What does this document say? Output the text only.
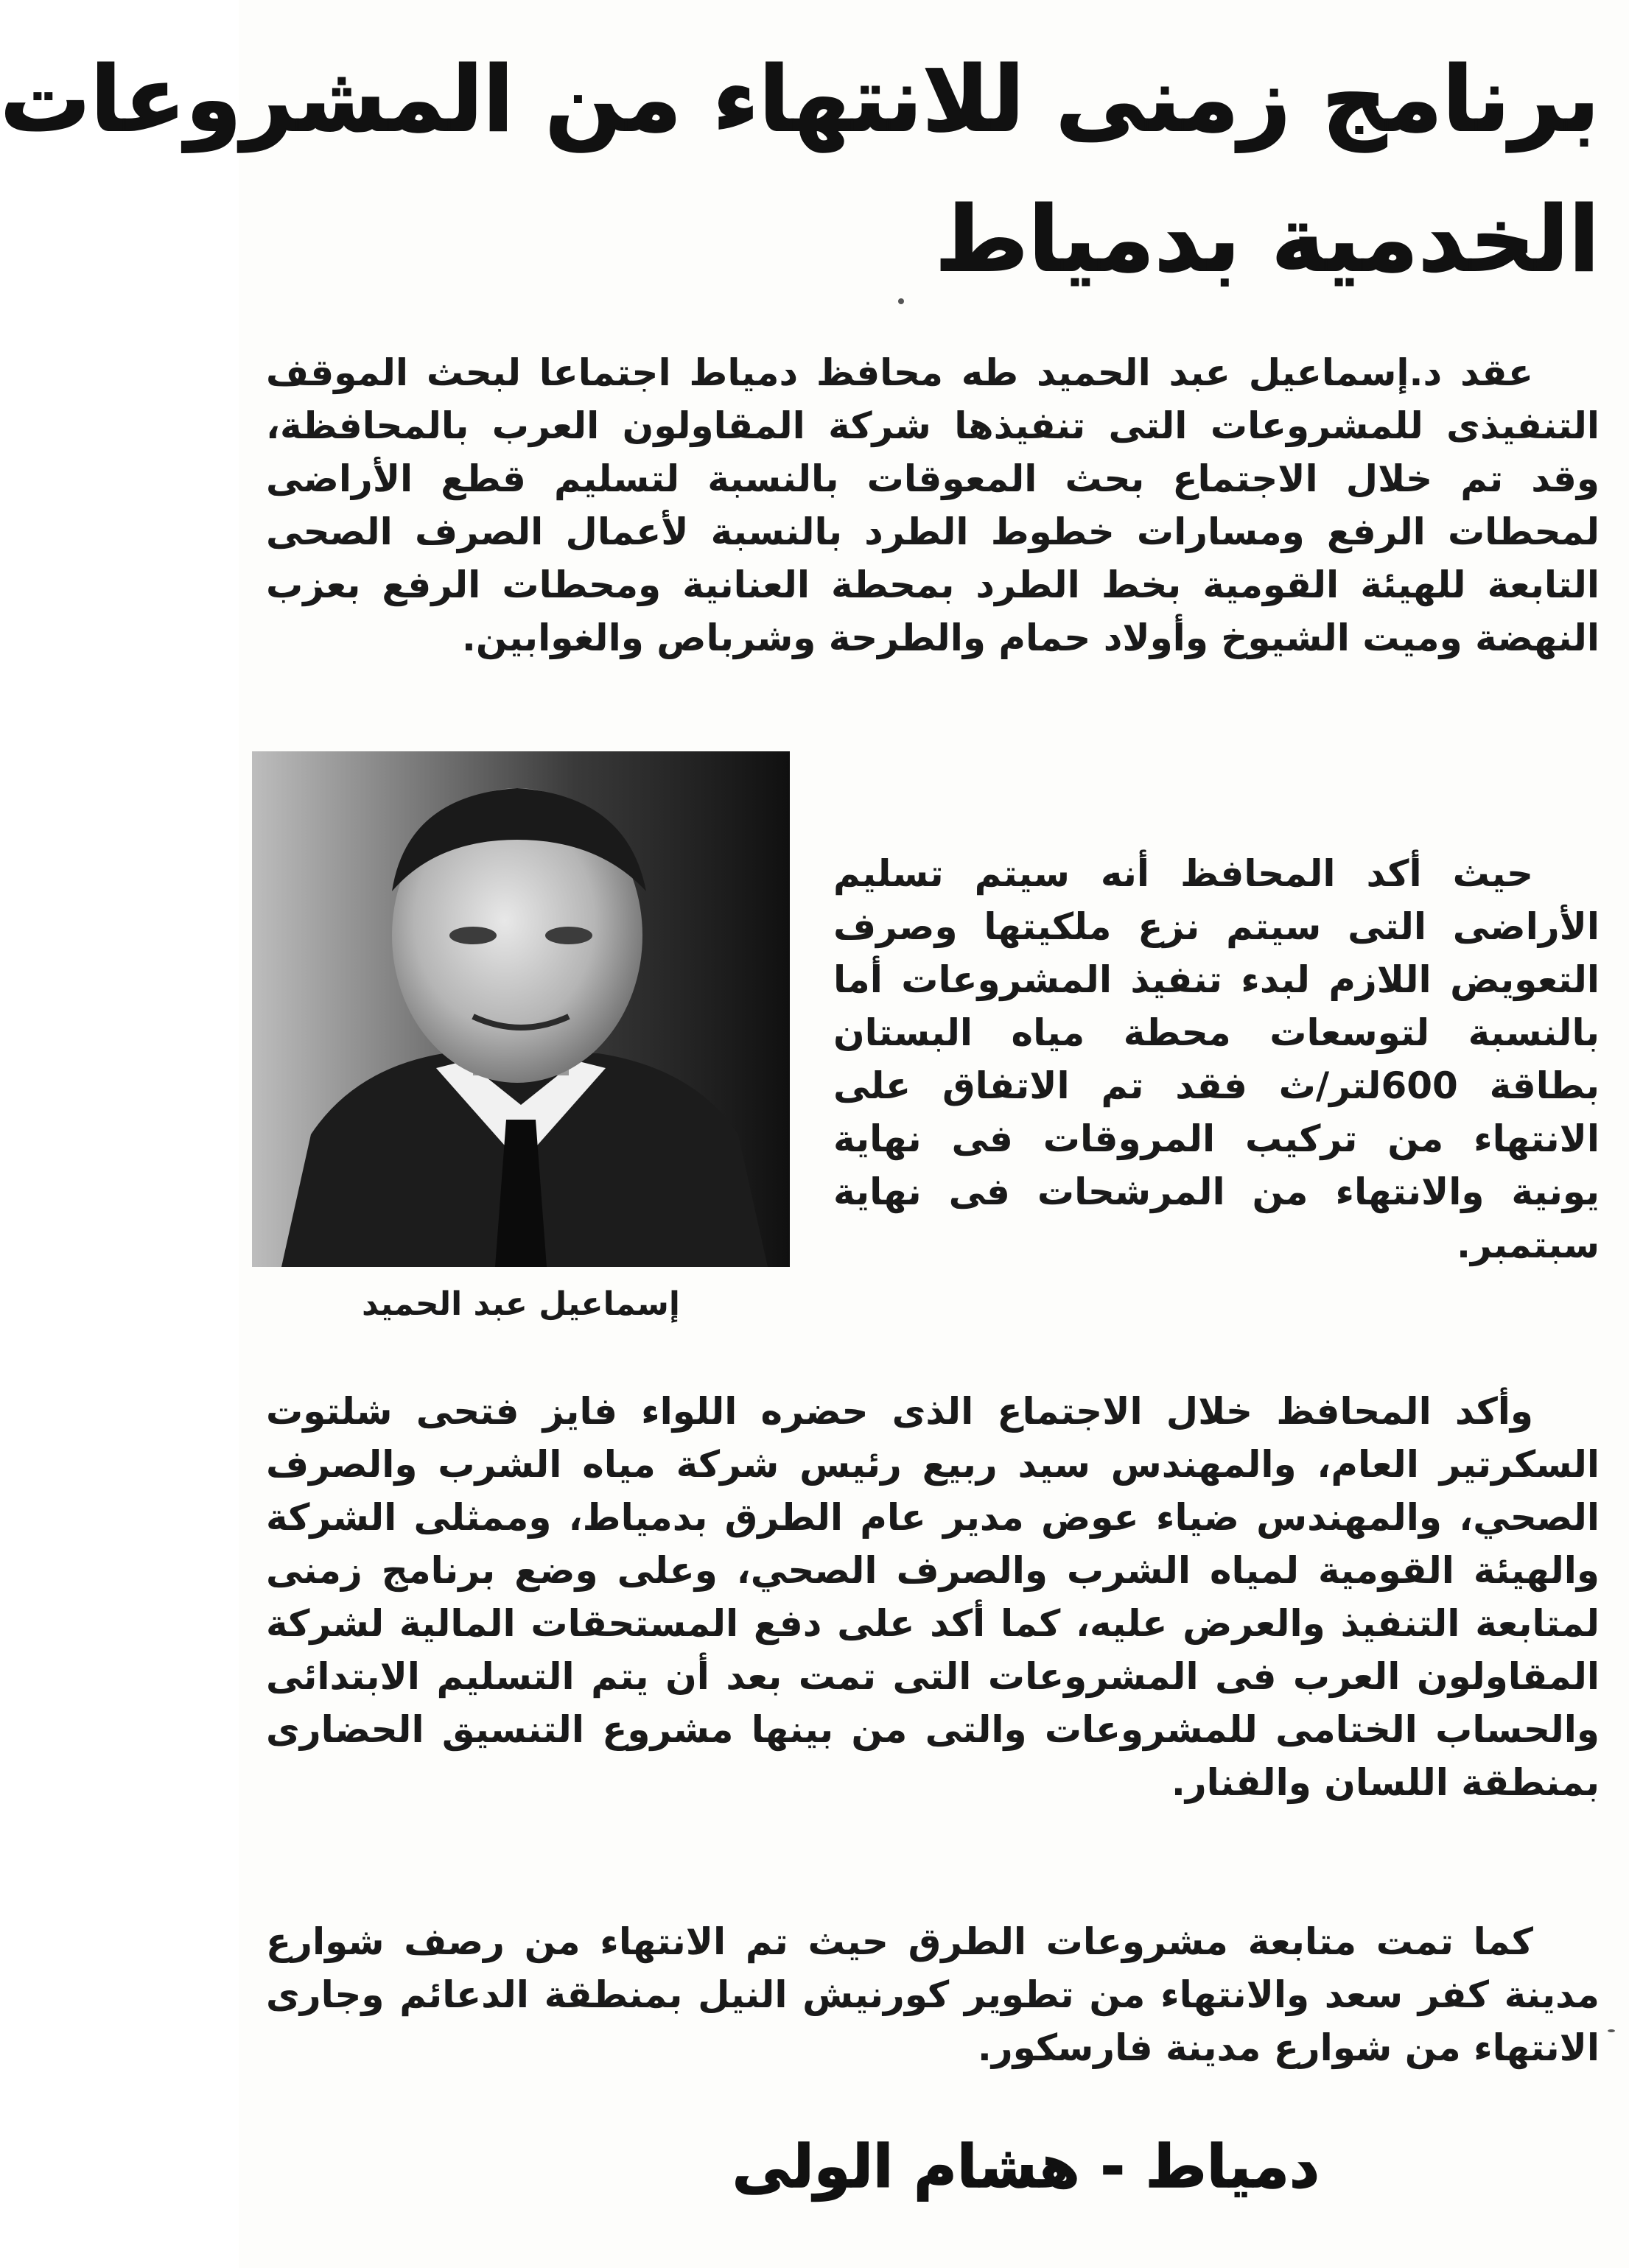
برنامج زمنى للانتهاء من المشروعات
الخدمية بدمياط

عقد د.إسماعيل عبد الحميد طه محافظ دمياط اجتماعا لبحث الموقف التنفيذى للمشروعات التى تنفيذها شركة المقاولون العرب بالمحافظة، وقد تم خلال الاجتماع بحث المعوقات بالنسبة لتسليم قطع الأراضى لمحطات الرفع ومسارات خطوط الطرد بالنسبة لأعمال الصرف الصحى التابعة للهيئة القومية بخط الطرد بمحطة العنانية ومحطات الرفع بعزب النهضة وميت الشيوخ وأولاد حمام والطرحة وشرباص والغوابين.

حيث أكد المحافظ أنه سيتم تسليم الأراضى التى سيتم نزع ملكيتها وصرف التعويض اللازم لبدء تنفيذ المشروعات أما بالنسبة لتوسعات محطة مياه البستان بطاقة 600لتر/ث فقد تم الاتفاق على الانتهاء من تركيب المروقات فى نهاية يونية والانتهاء من المرشحات فى نهاية سبتمبر.

وأكد المحافظ خلال الاجتماع الذى حضره اللواء فايز فتحى شلتوت السكرتير العام، والمهندس سيد ربيع رئيس شركة مياه الشرب والصرف الصحي، والمهندس ضياء عوض مدير عام الطرق بدمياط، وممثلى الشركة والهيئة القومية لمياه الشرب والصرف الصحي، وعلى وضع برنامج زمنى لمتابعة التنفيذ والعرض عليه، كما أكد على دفع المستحقات المالية لشركة المقاولون العرب فى المشروعات التى تمت بعد أن يتم التسليم الابتدائى والحساب الختامى للمشروعات والتى من بينها مشروع التنسيق الحضارى بمنطقة اللسان والفنار.

كما تمت متابعة مشروعات الطرق حيث تم الانتهاء من رصف شوارع مدينة كفر سعد والانتهاء من تطوير كورنيش النيل بمنطقة الدعائم وجارى الانتهاء من شوارع مدينة فارسكور.

إسماعيل عبد الحميد
دمياط - هشام الولى
